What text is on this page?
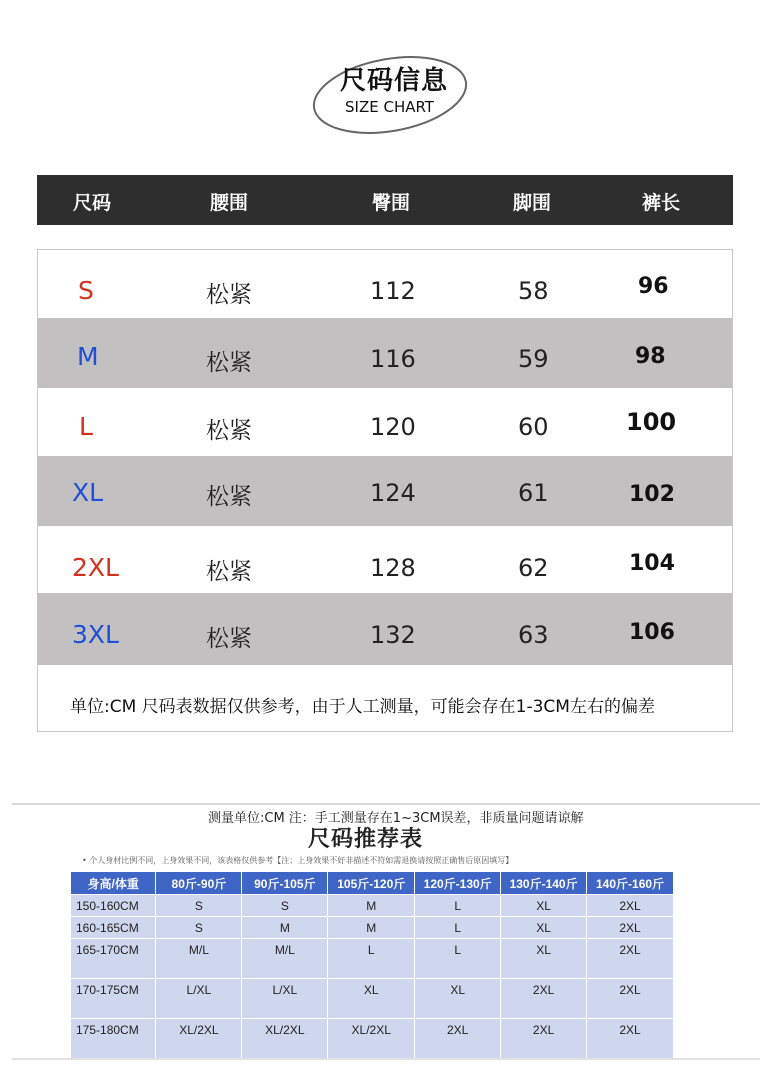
尺码信息
SIZE CHART
尺码	腰围	臀围	脚围	裤长
S	松紧	112	58	96
M	松紧	116	59	98
L	松紧	120	60	100
XL	松紧	124	61	102
2XL	松紧	128	62	104
3XL	松紧	132	63	106
单位:CM 尺码表数据仅供参考，由于人工测量，可能会存在1-3CM左右的偏差
测量单位:CM 注：手工测量存在1~3CM误差，非质量问题请谅解
尺码推荐表
• 个人身材比例不同，上身效果不同，该表格仅供参考【注；上身效果不好非描述不符如需退换请按照正确售后原因填写】
身高/体重	80斤-90斤	90斤-105斤	105斤-120斤	120斤-130斤	130斤-140斤	140斤-160斤
150-160CM	S	S	M	L	XL	2XL
160-165CM	S	M	M	L	XL	2XL
165-170CM	M/L	M/L	L	L	XL	2XL
170-175CM	L/XL	L/XL	XL	XL	2XL	2XL
175-180CM	XL/2XL	XL/2XL	XL/2XL	2XL	2XL	2XL
